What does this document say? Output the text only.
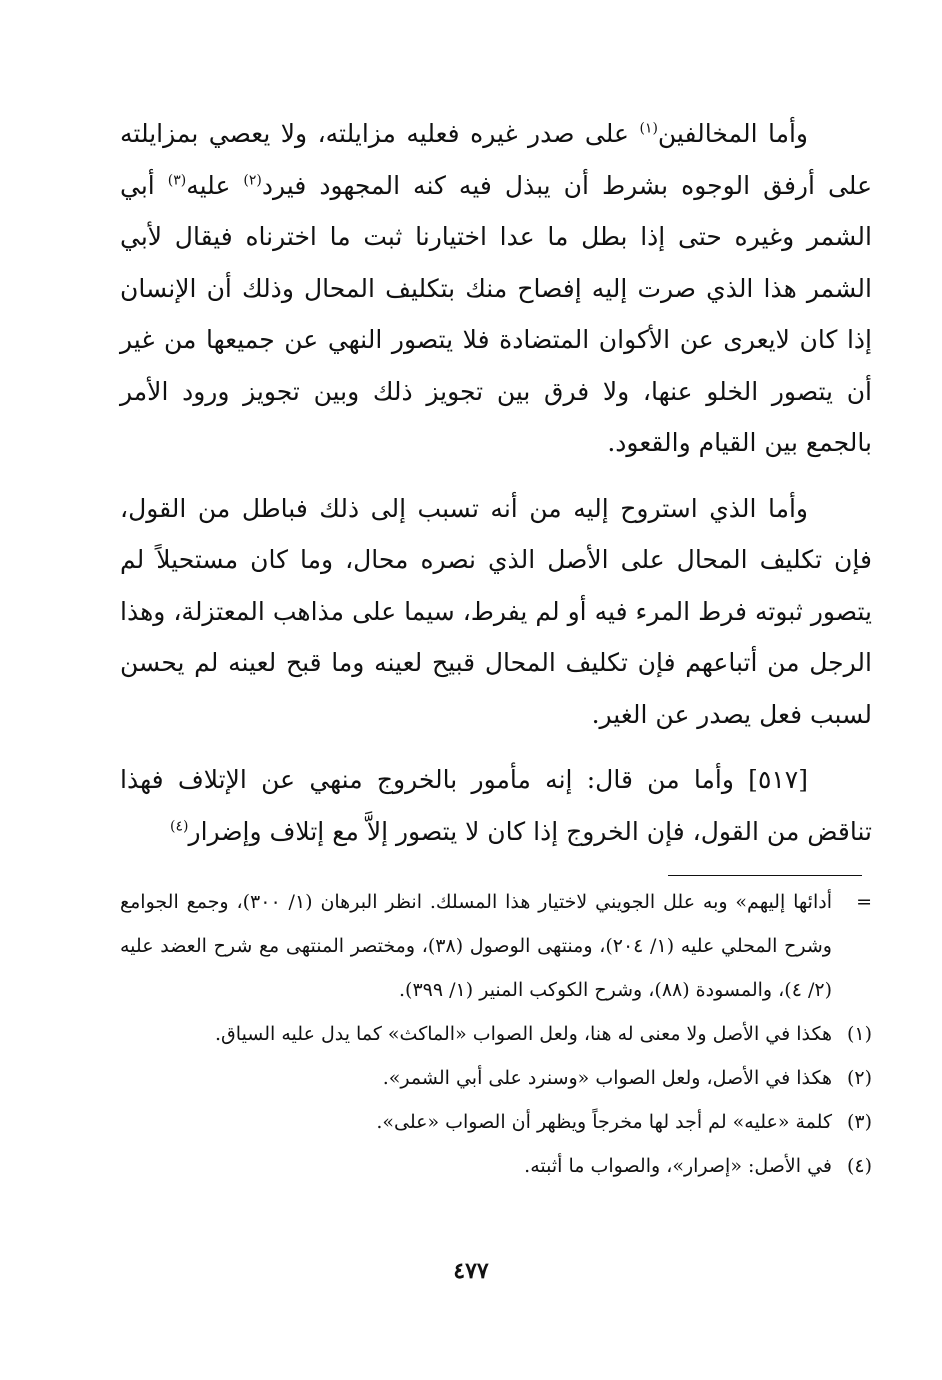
وأما المخالفين$^{(١)}$ على صدر غيره فعليه مزايلته، ولا يعصي بمزايلته على أرفق الوجوه بشرط أن يبذل فيه كنه المجهود فيرد$^{(٢)}$ عليه$^{(٣)}$ أبي الشمر وغيره حتى إذا بطل ما عدا اختيارنا ثبت ما اخترناه فيقال لأبي الشمر هذا الذي صرت إليه إفصاح منك بتكليف المحال وذلك أن الإنسان إذا كان لايعرى عن الأكوان المتضادة فلا يتصور النهي عن جميعها من غير أن يتصور الخلو عنها، ولا فرق بين تجويز ذلك وبين تجويز ورود الأمر بالجمع بين القيام والقعود.

وأما الذي استروح إليه من أنه تسبب إلى ذلك فباطل من القول، فإن تكليف المحال على الأصل الذي نصره محال، وما كان مستحيلاً لم يتصور ثبوته فرط المرء فيه أو لم يفرط، سيما على مذاهب المعتزلة، وهذا الرجل من أتباعهم فإن تكليف المحال قبيح لعينه وما قبح لعينه لم يحسن لسبب فعل يصدر عن الغير.

[٥١٧] وأما من قال: إنه مأمور بالخروج منهي عن الإتلاف فهذا تناقض من القول، فإن الخروج إذا كان لا يتصور إلاَّ مع إتلاف وإضرار$^{(٤)}$

=
أدائها إليهم» وبه علل الجويني لاختيار هذا المسلك. انظر البرهان (١/ ٣٠٠)، وجمع الجوامع وشرح المحلي عليه (١/ ٢٠٤)، ومنتهى الوصول (٣٨)، ومختصر المنتهى مع شرح العضد عليه (٢/ ٤)، والمسودة (٨٨)، وشرح الكوكب المنير (١/ ٣٩٩).

(١)
هكذا في الأصل ولا معنى له هنا، ولعل الصواب «الماكث» كما يدل عليه السياق.

(٢)
هكذا في الأصل، ولعل الصواب «وسنرد على أبي الشمر».

(٣)
كلمة «عليه» لم أجد لها مخرجاً ويظهر أن الصواب «على».

(٤)
في الأصل: «إصرار»، والصواب ما أثبته.

٤٧٧
